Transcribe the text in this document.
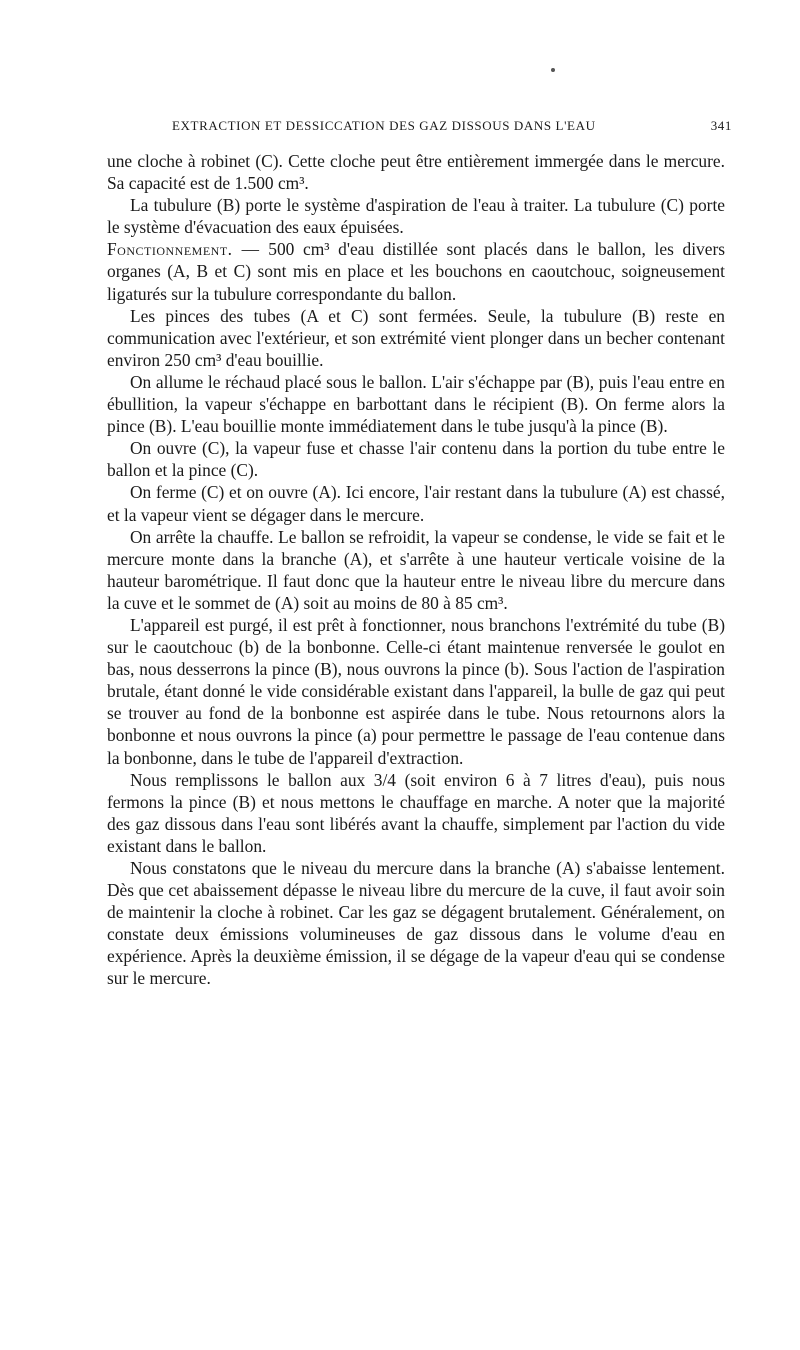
EXTRACTION ET DESSICCATION DES GAZ DISSOUS DANS L'EAU	341

une cloche à robinet (C). Cette cloche peut être entièrement immergée dans le mercure. Sa capacité est de 1.500 cm³.

La tubulure (B) porte le système d'aspiration de l'eau à traiter. La tubulure (C) porte le système d'évacuation des eaux épuisées.

Fonctionnement. — 500 cm³ d'eau distillée sont placés dans le ballon, les divers organes (A, B et C) sont mis en place et les bouchons en caoutchouc, soigneusement ligaturés sur la tubulure correspondante du ballon.

Les pinces des tubes (A et C) sont fermées. Seule, la tubulure (B) reste en communication avec l'extérieur, et son extrémité vient plonger dans un becher contenant environ 250 cm³ d'eau bouillie.

On allume le réchaud placé sous le ballon. L'air s'échappe par (B), puis l'eau entre en ébullition, la vapeur s'échappe en barbottant dans le récipient (B). On ferme alors la pince (B). L'eau bouillie monte immédiatement dans le tube jusqu'à la pince (B).

On ouvre (C), la vapeur fuse et chasse l'air contenu dans la portion du tube entre le ballon et la pince (C).

On ferme (C) et on ouvre (A). Ici encore, l'air restant dans la tubulure (A) est chassé, et la vapeur vient se dégager dans le mercure.

On arrête la chauffe. Le ballon se refroidit, la vapeur se condense, le vide se fait et le mercure monte dans la branche (A), et s'arrête à une hauteur verticale voisine de la hauteur barométrique. Il faut donc que la hauteur entre le niveau libre du mercure dans la cuve et le sommet de (A) soit au moins de 80 à 85 cm³.

L'appareil est purgé, il est prêt à fonctionner, nous branchons l'extrémité du tube (B) sur le caoutchouc (b) de la bonbonne. Celle-ci étant maintenue renversée le goulot en bas, nous desserrons la pince (B), nous ouvrons la pince (b). Sous l'action de l'aspiration brutale, étant donné le vide considérable existant dans l'appareil, la bulle de gaz qui peut se trouver au fond de la bonbonne est aspirée dans le tube. Nous retournons alors la bonbonne et nous ouvrons la pince (a) pour permettre le passage de l'eau contenue dans la bonbonne, dans le tube de l'appareil d'extraction.

Nous remplissons le ballon aux 3/4 (soit environ 6 à 7 litres d'eau), puis nous fermons la pince (B) et nous mettons le chauffage en marche. A noter que la majorité des gaz dissous dans l'eau sont libérés avant la chauffe, simplement par l'action du vide existant dans le ballon.

Nous constatons que le niveau du mercure dans la branche (A) s'abaisse lentement. Dès que cet abaissement dépasse le niveau libre du mercure de la cuve, il faut avoir soin de maintenir la cloche à robinet. Car les gaz se dégagent brutalement. Généralement, on constate deux émissions volumineuses de gaz dissous dans le volume d'eau en expérience. Après la deuxième émission, il se dégage de la vapeur d'eau qui se condense sur le mercure.
